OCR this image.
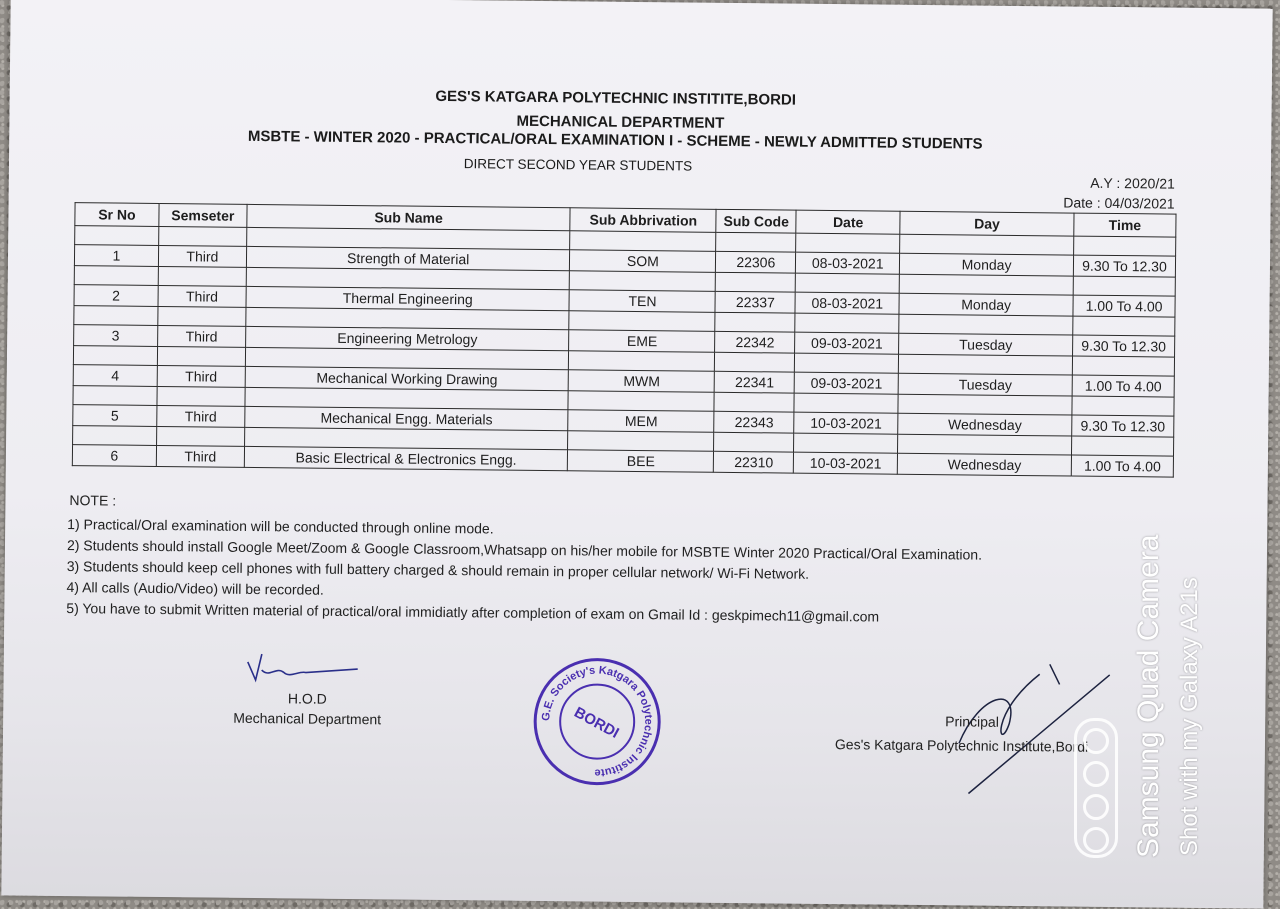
GES'S KATGARA POLYTECHNIC INSTITITE,BORDI
MECHANICAL DEPARTMENT
MSBTE - WINTER 2020 - PRACTICAL/ORAL EXAMINATION I - SCHEME - NEWLY ADMITTED STUDENTS
DIRECT SECOND YEAR STUDENTS
A.Y : 2020/21
Date : 04/03/2021
Sr No	Semseter	Sub Name	Sub Abbrivation	Sub Code	Date	Day	Time

1	Third	Strength of Material	SOM	22306	08-03-2021	Monday	9.30 To 12.30

2	Third	Thermal Engineering	TEN	22337	08-03-2021	Monday	1.00 To 4.00

3	Third	Engineering Metrology	EME	22342	09-03-2021	Tuesday	9.30 To 12.30

4	Third	Mechanical Working Drawing	MWM	22341	09-03-2021	Tuesday	1.00 To 4.00

5	Third	Mechanical Engg. Materials	MEM	22343	10-03-2021	Wednesday	9.30 To 12.30

6	Third	Basic Electrical & Electronics Engg.	BEE	22310	10-03-2021	Wednesday	1.00 To 4.00
NOTE :
1) Practical/Oral examination will be conducted through online mode.
2) Students should install Google Meet/Zoom & Google Classroom,Whatsapp on his/her mobile for MSBTE Winter 2020 Practical/Oral Examination.
3) Students should keep cell phones with full battery charged & should remain in proper cellular network/ Wi-Fi Network.
4) All calls (Audio/Video) will be recorded.
5) You have to submit Written material of practical/oral immidiatly after completion of exam on Gmail Id : geskpimech11@gmail.com
H.O.D
Mechanical Department	G.E. Society's Katgara Polytechnic Institute
BORDI	Principal
Ges's Katgara Polytechnic Institute,Bordi Samsung Quad Camera Shot with my Galaxy A21s
